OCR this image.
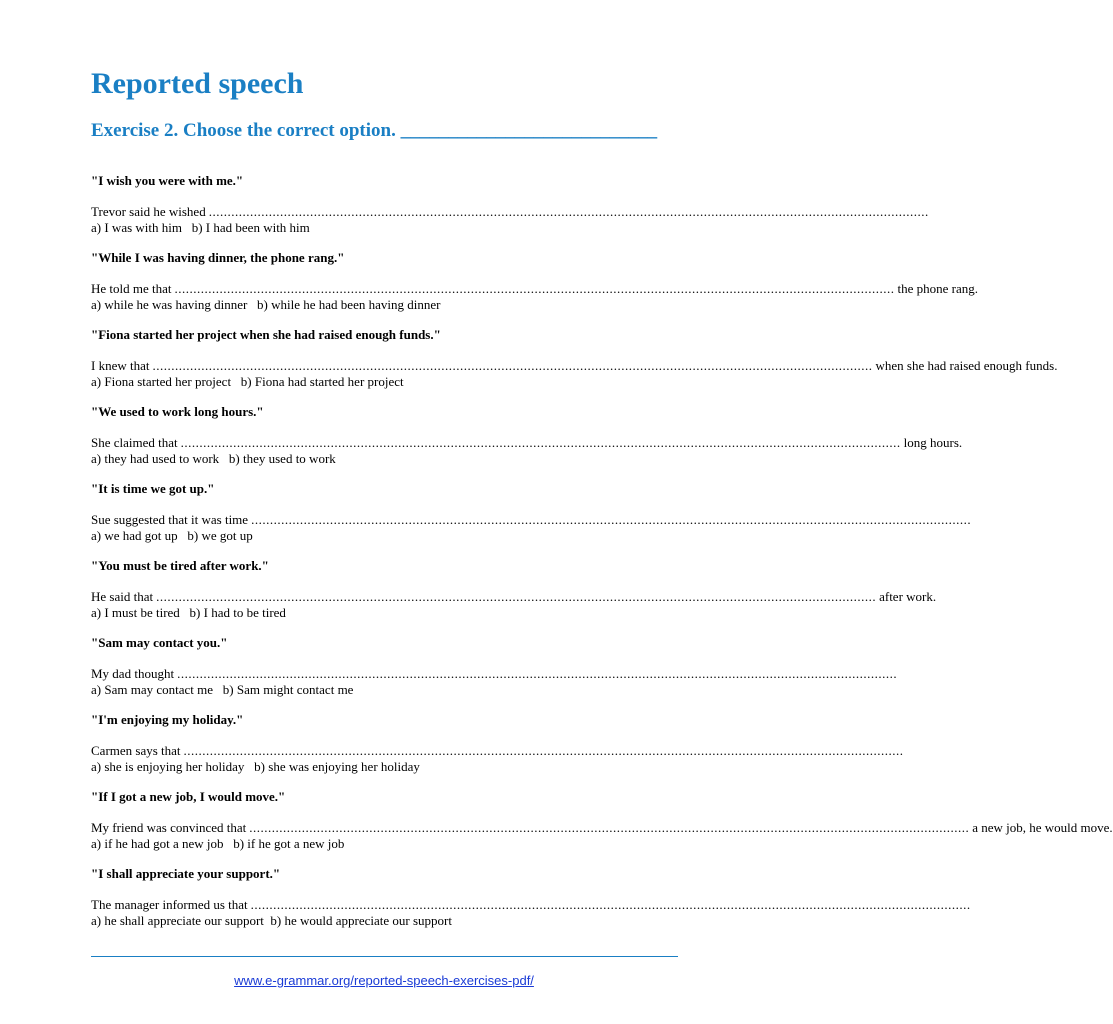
Reported speech
Exercise 2. Choose the correct option. ___________________________
"I wish you were with me."
Trevor said he wished ................................................................................................................................................................................................
a) I was with him   b) I had been with him
"While I was having dinner, the phone rang."
He told me that ................................................................................................................................................................................................ the phone rang.
a) while he was having dinner   b) while he had been having dinner
"Fiona started her project when she had raised enough funds."
I knew that ................................................................................................................................................................................................ when she had raised enough funds.
a) Fiona started her project   b) Fiona had started her project
"We used to work long hours."
She claimed that ................................................................................................................................................................................................ long hours.
a) they had used to work   b) they used to work
"It is time we got up."
Sue suggested that it was time ................................................................................................................................................................................................
a) we had got up   b) we got up
"You must be tired after work."
He said that ................................................................................................................................................................................................ after work.
a) I must be tired   b) I had to be tired
"Sam may contact you."
My dad thought ................................................................................................................................................................................................
a) Sam may contact me   b) Sam might contact me
"I'm enjoying my holiday."
Carmen says that ................................................................................................................................................................................................
a) she is enjoying her holiday   b) she was enjoying her holiday
"If I got a new job, I would move."
My friend was convinced that ................................................................................................................................................................................................ a new job, he would move.
a) if he had got a new job   b) if he got a new job
"I shall appreciate your support."
The manager informed us that ................................................................................................................................................................................................
a) he shall appreciate our support  b) he would appreciate our support
www.e-grammar.org/reported-speech-exercises-pdf/
